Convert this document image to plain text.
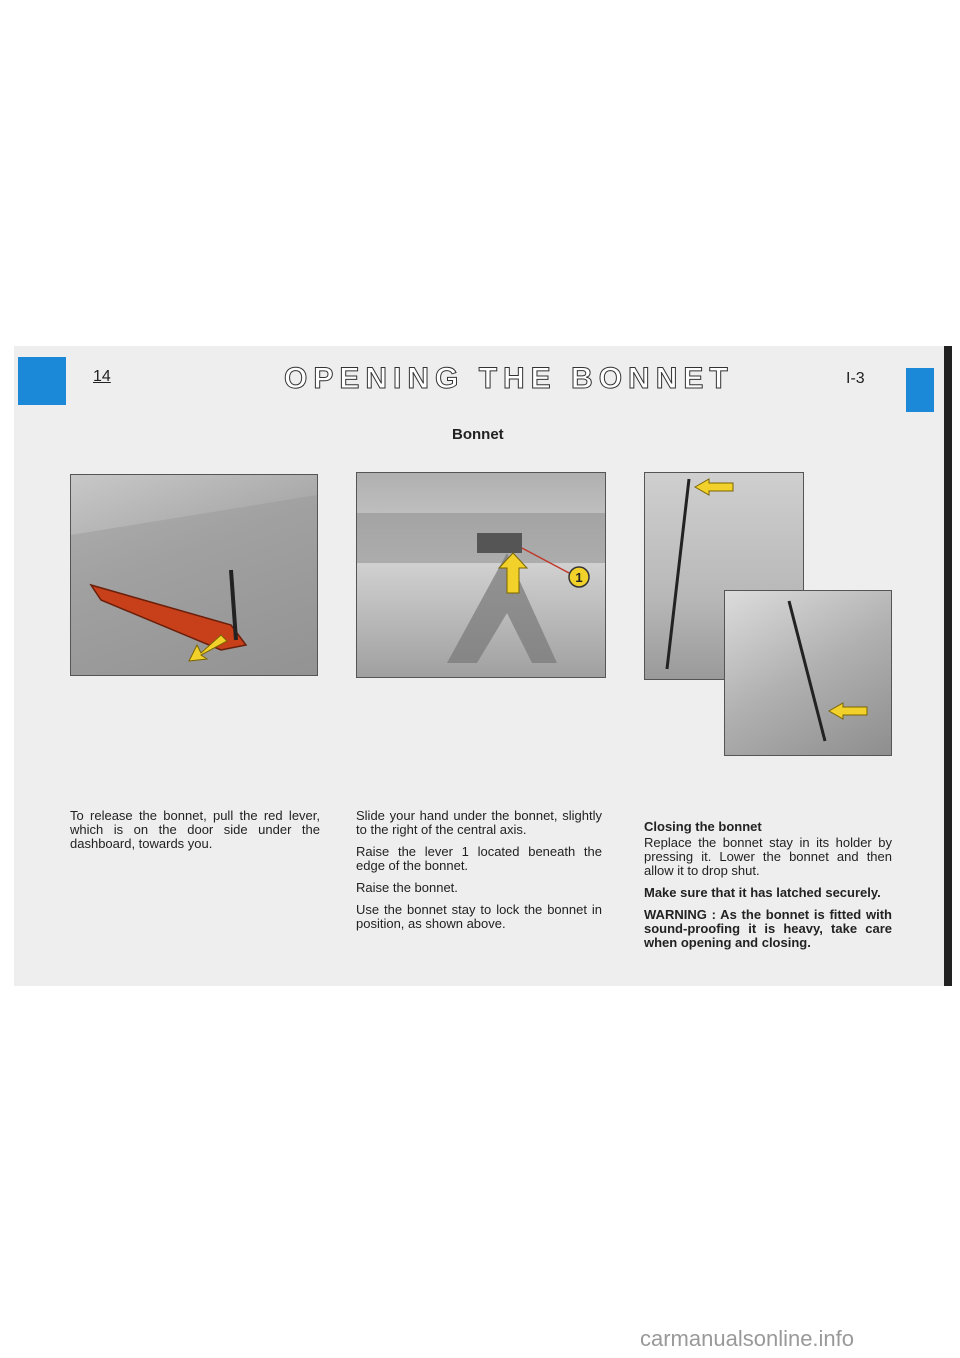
14	OPENING THE BONNET	I-3
Bonnet
1

To release the bonnet, pull the red lever, which is on the door side under the dashboard, towards you.

Slide your hand under the bonnet, slightly to the right of the central axis.

Raise the lever 1 located beneath the edge of the bonnet.

Raise the bonnet.

Use the bonnet stay to lock the bonnet in position, as shown above.

Closing the bonnet

Replace the bonnet stay in its holder by pressing it. Lower the bonnet and then allow it to drop shut.

Make sure that it has latched securely.

WARNING : As the bonnet is fitted with sound-proofing it is heavy, take care when opening and closing.

carmanualsonline.info
